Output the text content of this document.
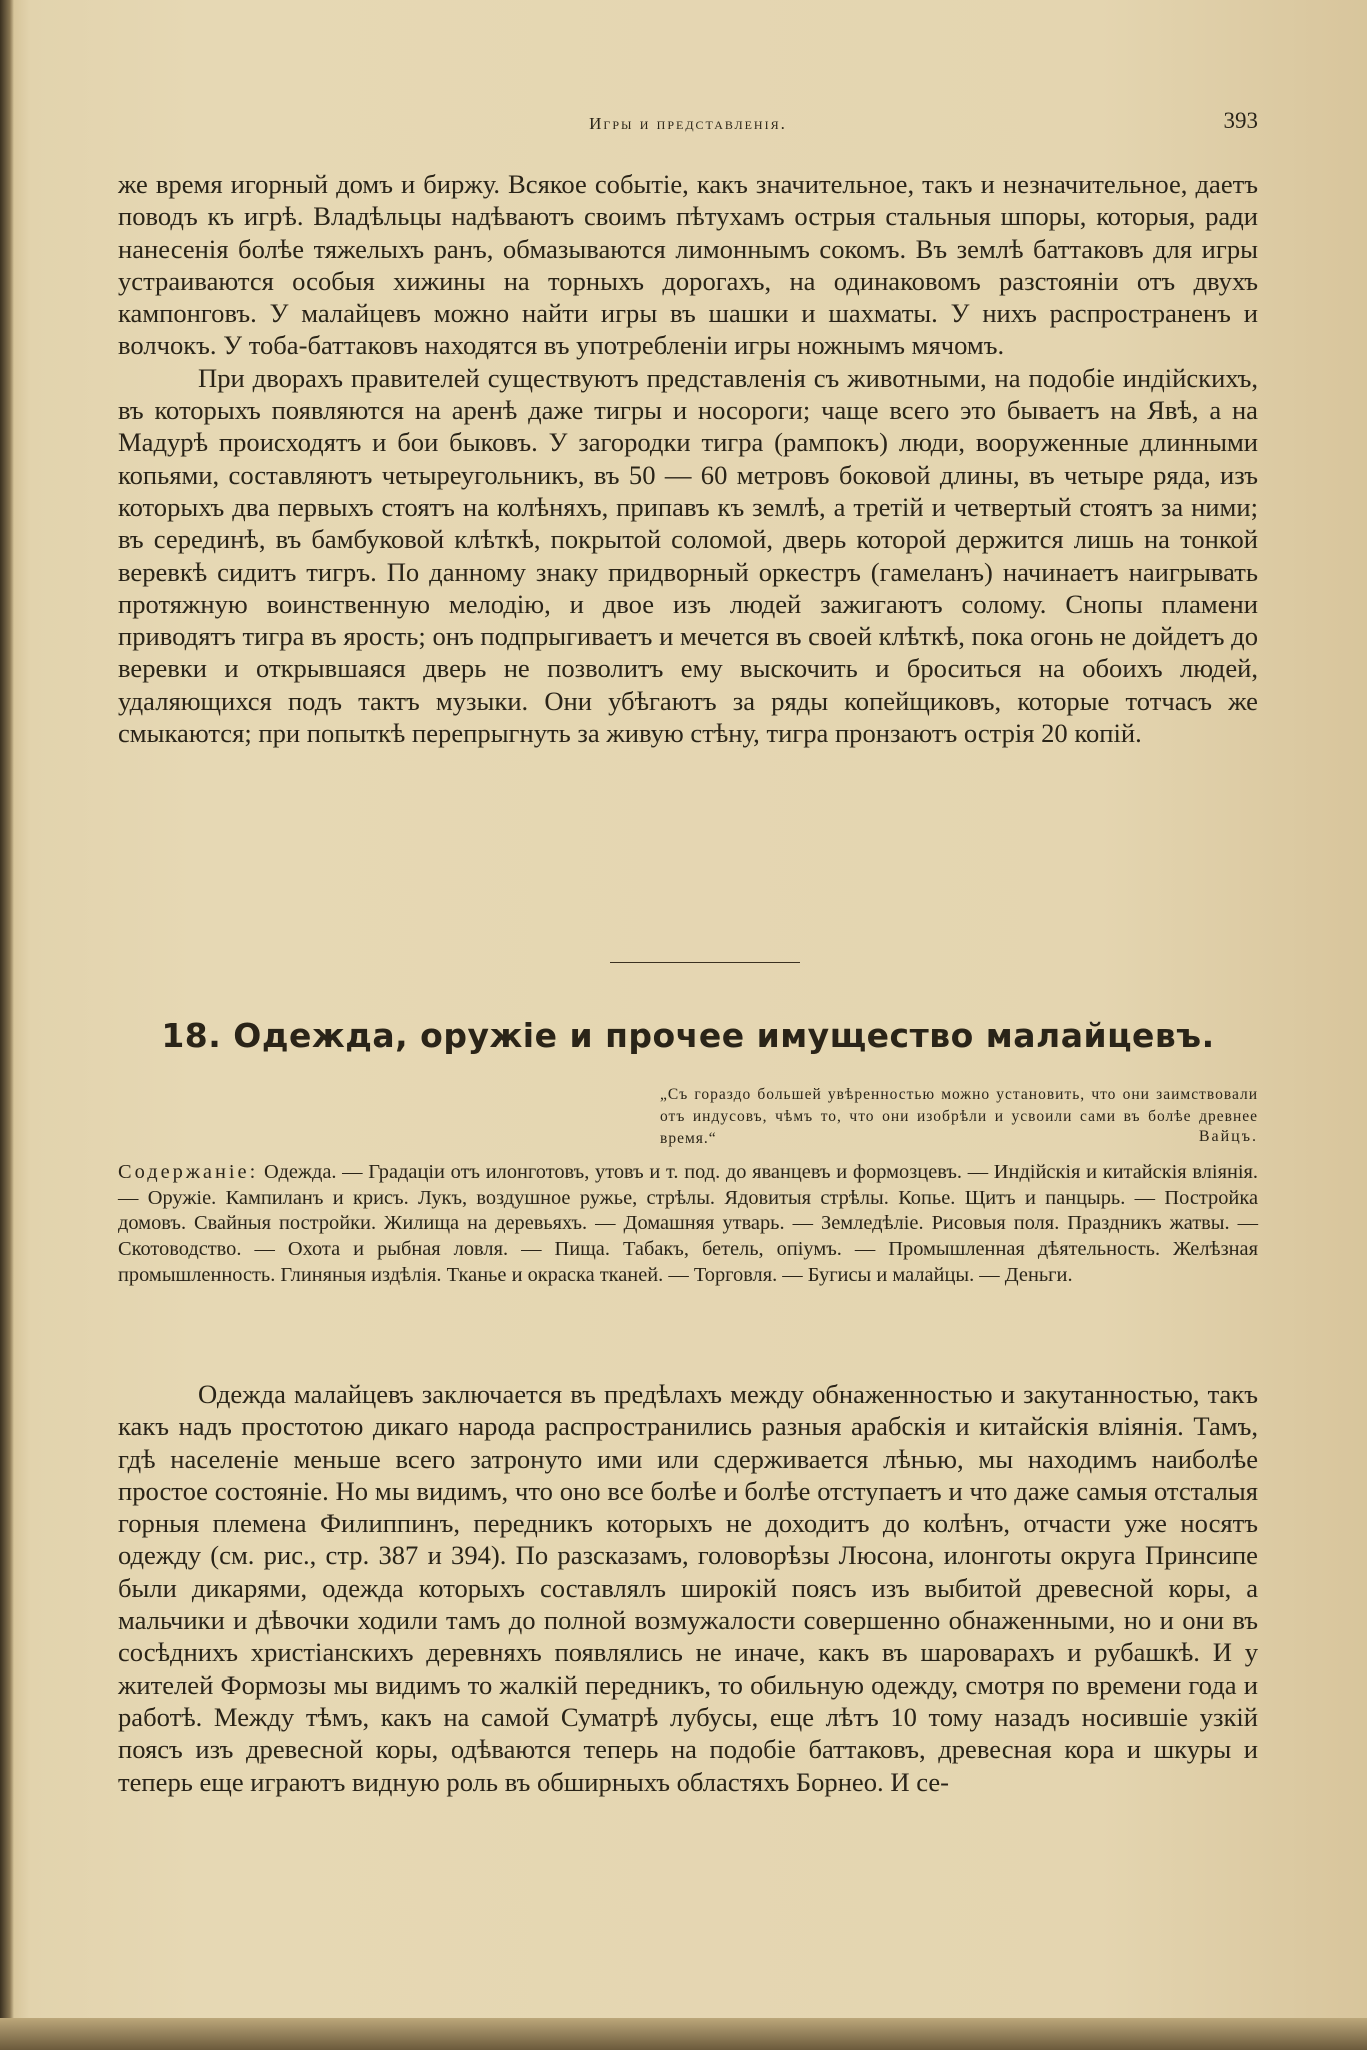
Игры и представленія.	393

же время игорный домъ и биржу. Всякое событіе, какъ значительное, такъ и незначительное, даетъ поводъ къ игрѣ. Владѣльцы надѣваютъ своимъ пѣтухамъ острыя стальныя шпоры, которыя, ради нанесенія болѣе тяжелыхъ ранъ, обмазываются лимоннымъ сокомъ. Въ землѣ баттаковъ для игры устраиваются особыя хижины на торныхъ дорогахъ, на одинаковомъ разстояніи отъ двухъ кампонговъ. У малайцевъ можно найти игры въ шашки и шахматы. У нихъ распространенъ и волчокъ. У тоба-баттаковъ находятся въ употребленіи игры ножнымъ мячомъ.

При дворахъ правителей существуютъ представленія съ животными, на подобіе индійскихъ, въ которыхъ появляются на аренѣ даже тигры и носороги; чаще всего это бываетъ на Явѣ, а на Мадурѣ происходятъ и бои быковъ. У загородки тигра (рампокъ) люди, вооруженные длинными копьями, составляютъ четыреугольникъ, въ 50 — 60 метровъ боковой длины, въ четыре ряда, изъ которыхъ два первыхъ стоятъ на колѣняхъ, припавъ къ землѣ, а третій и четвертый стоятъ за ними; въ серединѣ, въ бамбуковой клѣткѣ, покрытой соломой, дверь которой держится лишь на тонкой веревкѣ сидитъ тигръ. По данному знаку придворный оркестръ (гамеланъ) начинаетъ наигрывать протяжную воинственную мелодію, и двое изъ людей зажигаютъ солому. Снопы пламени приводятъ тигра въ ярость; онъ подпрыгиваетъ и мечется въ своей клѣткѣ, пока огонь не дойдетъ до веревки и открывшаяся дверь не позволитъ ему выскочить и броситься на обоихъ людей, удаляющихся подъ тактъ музыки. Они убѣгаютъ за ряды копейщиковъ, которые тотчасъ же смыкаются; при попыткѣ перепрыгнуть за живую стѣну, тигра пронзаютъ острія 20 копій.

18. Одежда, оружіе и прочее имущество малайцевъ.
„Съ гораздо большей увѣренностью можно установить, что они заимствовали отъ индусовъ, чѣмъ то, что они изобрѣли и усвоили сами въ болѣе древнее время.“	Вайцъ.
Содержаніе: Одежда. — Градаціи отъ илонготовъ, утовъ и т. под. до яванцевъ и формозцевъ. — Индійскія и китайскія вліянія. — Оружіе. Кампиланъ и крисъ. Лукъ, воздушное ружье, стрѣлы. Ядовитыя стрѣлы. Копье. Щитъ и панцырь. — Постройка домовъ. Свайныя постройки. Жилища на деревьяхъ. — Домашняя утварь. — Земледѣліе. Рисовыя поля. Праздникъ жатвы. — Скотоводство. — Охота и рыбная ловля. — Пища. Табакъ, бетель, опіумъ. — Промышленная дѣятельность. Желѣзная промышленность. Глиняныя издѣлія. Тканье и окраска тканей. — Торговля. — Бугисы и малайцы. — Деньги.

Одежда малайцевъ заключается въ предѣлахъ между обнаженностью и закутанностью, такъ какъ надъ простотою дикаго народа распространились разныя арабскія и китайскія вліянія. Тамъ, гдѣ населеніе меньше всего затронуто ими или сдерживается лѣнью, мы находимъ наиболѣе простое состояніе. Но мы видимъ, что оно все болѣе и болѣе отступаетъ и что даже самыя отсталыя горныя племена Филиппинъ, передникъ которыхъ не доходитъ до колѣнъ, отчасти уже носятъ одежду (см. рис., стр. 387 и 394). По разсказамъ, головорѣзы Люсона, илонготы округа Принсипе были дикарями, одежда которыхъ составлялъ широкій поясъ изъ выбитой древесной коры, а мальчики и дѣвочки ходили тамъ до полной возмужалости совершенно обнаженными, но и они въ сосѣднихъ христіанскихъ деревняхъ появлялись не иначе, какъ въ шароварахъ и рубашкѣ. И у жителей Формозы мы видимъ то жалкій передникъ, то обильную одежду, смотря по времени года и работѣ. Между тѣмъ, какъ на самой Суматрѣ лубусы, еще лѣтъ 10 тому назадъ носившіе узкій поясъ изъ древесной коры, одѣваются теперь на подобіе баттаковъ, древесная кора и шкуры и теперь еще играютъ видную роль въ обширныхъ областяхъ Борнео. И се-
